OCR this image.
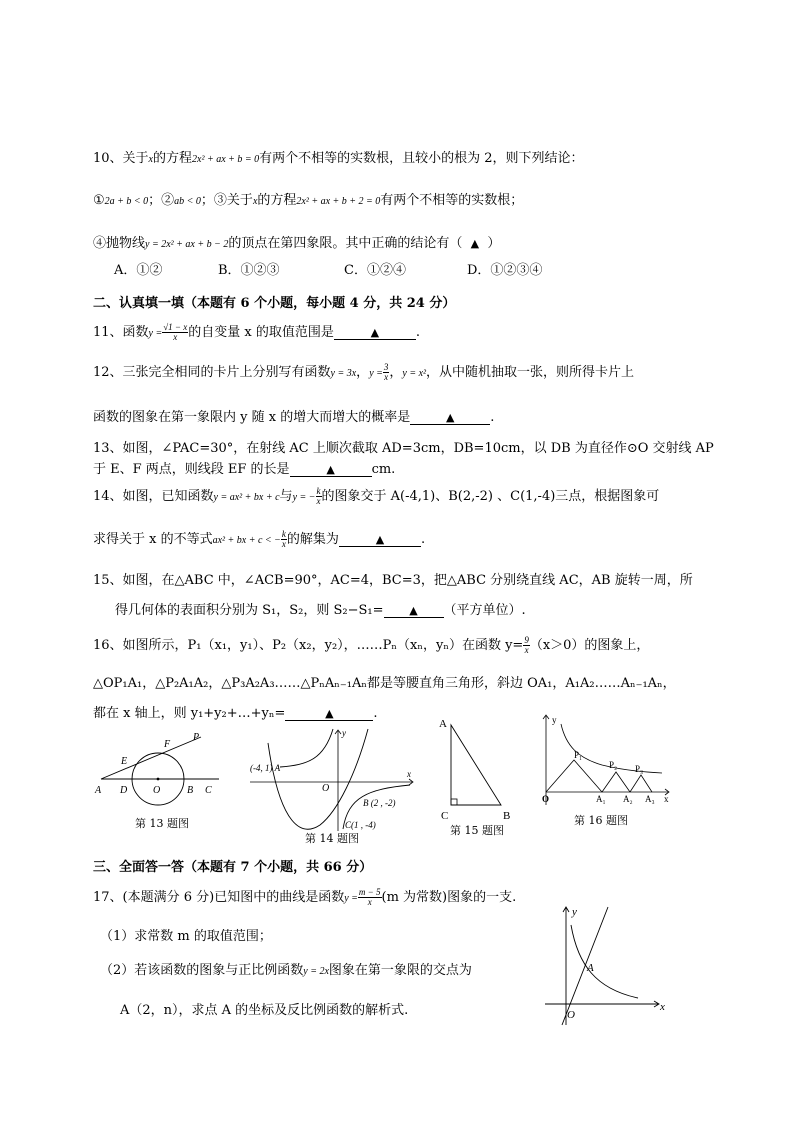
10、关于x的方程2x² + ax + b = 0有两个不相等的实数根，且较小的根为 2，则下列结论：
①2a + b < 0；②ab < 0；③关于x的方程2x² + ax + b + 2 = 0有两个不相等的实数根；
④抛物线y = 2x² + ax + b − 2的顶点在第四象限。其中正确的结论有（ ▲ ）
A．①②	B．①②③	C．①②④	D．①②③④
二、认真填一填（本题有 6 个小题，每小题 4 分，共 24 分）
11、函数$y = \frac{√1 - x}{x}$ 的自变量 x 的取值范围是	▲	.
12、三张完全相同的卡片上分别写有函数y = 3x，$y = \frac{3}{x}$ ，y = x²，从中随机抽取一张，则所得卡片上
函数的图象在第一象限内 y 随 x 的增大而增大的概率是	▲	.
13、如图，∠PAC=30°，在射线 AC 上顺次截取 AD=3cm，DB=10cm，以 DB 为直径作⊙O 交射线 AP
于 E、F 两点，则线段 EF 的长是	▲	cm.
14、如图，已知函数y = ax² + bx + c与y = − $\frac{k}{x}$ 的图象交于 A(-4,1)、B(2,-2) 、C(1,-4)三点，根据图象可
求得关于 x 的不等式ax² + bx + c < − $\frac{k}{x}$ 的解集为	▲	.
15、如图，在△ABC 中，∠ACB=90°，AC=4，BC=3，把△ABC 分别绕直线 AC，AB 旋转一周，所
得几何体的表面积分别为 S₁，S₂，则 S₂−S₁= ▲ （平方单位）.
16、如图所示，P₁（x₁，y₁）、P₂（x₂，y₂），……Pₙ（xₙ，yₙ）在函数 $y= \frac{9}{x} (x>0)$的图象上，
△OP₁A₁，△P₂A₁A₂，△P₃A₂A₃……△PₙAₙ₋₁Aₙ都是等腰直角三角形，斜边 OA₁，A₁A₂……Aₙ₋₁Aₙ，
都在 x 轴上，则 y₁+y₂+…+yₙ=	▲	.
A D	O	B C
E
F
P
第 13 题图
(-4, 1) A
O
y
x
B (2 , -2)
C(1 , -4)
第 14 题图
A
B
C
第 15 题图
y
O	x
P₁
P₂ P₃
A₁ A₂ A₃
第 16 题图
三、全面答一答（本题有 7 个小题，共 66 分）
17、(本题满分 6 分)已知图中的曲线是函数$y = \frac{m - 5}{x} (m$ 为常数)图象的一支.
（1）求常数 m 的取值范围；
（2）若该函数的图象与正比例函数y = 2x图象在第一象限的交点为
A（2，n），求点 A 的坐标及反比例函数的解析式.
y
x
O
A
